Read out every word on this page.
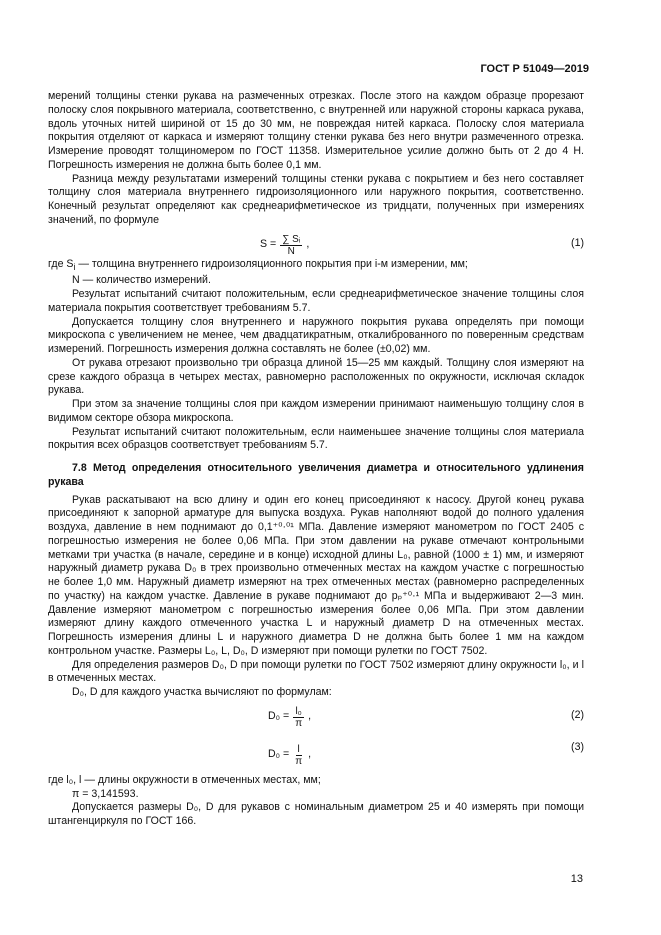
ГОСТ Р 51049—2019

мерений толщины стенки рукава на размеченных отрезках. После этого на каждом образце прорезают полоску слоя покрывного материала, соответственно, с внутренней или наружной стороны каркаса рукава, вдоль уточных нитей шириной от 15 до 30 мм, не повреждая нитей каркаса. Полоску слоя материала покрытия отделяют от каркаса и измеряют толщину стенки рукава без него внутри размеченного отрезка. Измерение проводят толщиномером по ГОСТ 11358. Измерительное усилие должно быть от 2 до 4 Н. Погрешность измерения не должна быть более 0,1 мм.

Разница между результатами измерений толщины стенки рукава с покрытием и без него составляет толщину слоя материала внутреннего гидроизоляционного или наружного покрытия, соответственно. Конечный результат определяют как среднеарифметическое из тридцати, полученных при измерениях значений, по формуле

$S = \frac{\text{∑ Sᵢ}}{N}$ ,	(1)

где $S_i$ — толщина внутреннего гидроизоляционного покрытия при i-м измерении, мм;

N — количество измерений.

Результат испытаний считают положительным, если среднеарифметическое значение толщины слоя материала покрытия соответствует требованиям 5.7.

Допускается толщину слоя внутреннего и наружного покрытия рукава определять при помощи микроскопа с увеличением не менее, чем двадцатикратным, откалиброванного по поверенным средствам измерений. Погрешность измерения должна составлять не более (±0,02) мм.

От рукава отрезают произвольно три образца длиной 15—25 мм каждый. Толщину слоя измеряют на срезе каждого образца в четырех местах, равномерно расположенных по окружности, исключая складок рукава.

При этом за значение толщины слоя при каждом измерении принимают наименьшую толщину слоя в видимом секторе обзора микроскопа.

Результат испытаний считают положительным, если наименьшее значение толщины слоя материала покрытия всех образцов соответствует требованиям 5.7.

7.8 Метод определения относительного увеличения диаметра и относительного удлинения рукава

Рукав раскатывают на всю длину и один его конец присоединяют к насосу. Другой конец рукава присоединяют к запорной арматуре для выпуска воздуха. Рукав наполняют водой до полного удаления воздуха, давление в нем поднимают до 0,1⁺⁰·⁰¹ МПа. Давление измеряют манометром по ГОСТ 2405 с погрешностью измерения не более 0,06 МПа. При этом давлении на рукаве отмечают контрольными метками три участка (в начале, середине и в конце) исходной длины L₀, равной (1000 ± 1) мм, и измеряют наружный диаметр рукава D₀ в трех произвольно отмеченных местах на каждом участке с погрешностью не более 1,0 мм. Наружный диаметр измеряют на трех отмеченных местах (равномерно распределенных по участку) на каждом участке. Давление в рукаве поднимают до pₚ⁺⁰·¹ МПа и выдерживают 2—3 мин. Давление измеряют манометром с погрешностью измерения более 0,06 МПа. При этом давлении измеряют длину каждого отмеченного участка L и наружный диаметр D на отмеченных местах. Погрешность измерения длины L и наружного диаметра D не должна быть более 1 мм на каждом контрольном участке. Размеры L₀, L, D₀, D измеряют при помощи рулетки по ГОСТ 7502.

Для определения размеров D₀, D при помощи рулетки по ГОСТ 7502 измеряют длину окружности l₀, и l в отмеченных местах.

D₀, D для каждого участка вычисляют по формулам:

$D_0 = \frac{\text{l₀}}{\pi}$ ,	(2)
$D_0 = \frac{l}{\pi}$ ,
(3)

где l₀, l — длины окружности в отмеченных местах, мм;

π = 3,141593.

Допускается размеры D₀, D для рукавов с номинальным диаметром 25 и 40 измерять при помощи штангенциркуля по ГОСТ 166.

13
